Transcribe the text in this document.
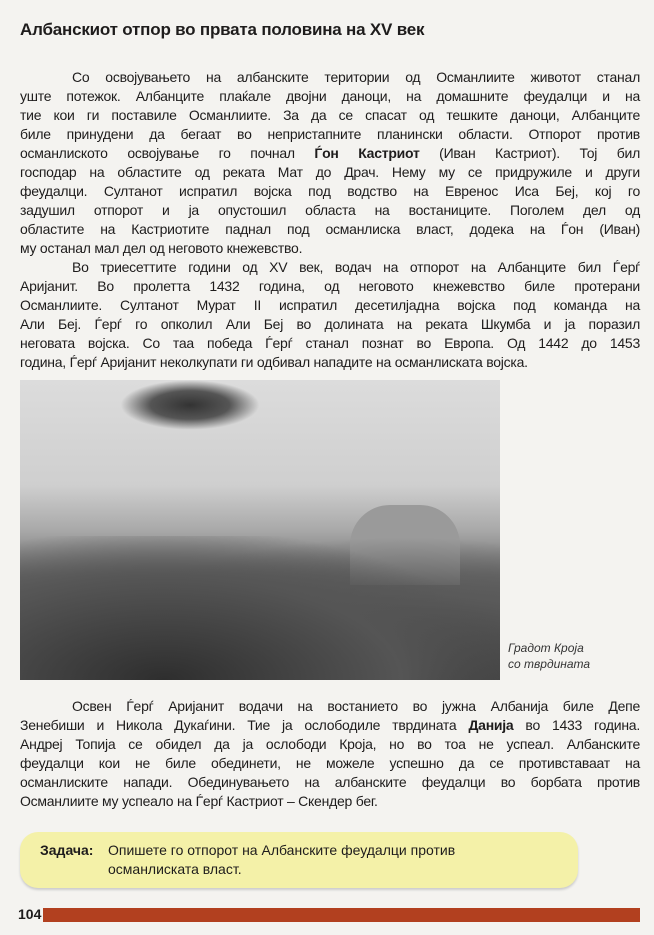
Албанскиот отпор во првата половина на XV век
Со освојувањето на албанските територии од Османлиите животот станал
уште потежок. Албанците плаќале двојни даноци, на домашните феудалци и на
тие кои ги поставиле Османлиите. За да се спасат од тешките даноци, Албанците
биле принудени да бегаат во непристапните планински области. Отпорот против
османлиското освојување го почнал Ѓон Кастриот (Иван Кастриот). Тој бил
господар на областите од реката Мат до Драч. Нему му се придружиле и други
феудалци. Султанот испратил војска под водство на Евренос Иса Беј, кој го
задушил отпорот и ја опустошил областа на востаниците. Поголем дел од
областите на Кастриотите паднал под османлиска власт, додека на Ѓон (Иван)
му останал мал дел од неговото кнежевство.
Во триесеттите години од XV век, водач на отпорот на Албанците бил Ѓерѓ
Аријанит. Во пролетта 1432 година, од неговото кнежевство биле протерани
Османлиите. Султанот Мурат II испратил десетилјадна војска под команда на
Али Беј. Ѓерѓ го опколил Али Беј во долината на реката Шкумба и ја поразил
неговата војска. Со таа победа Ѓерѓ станал познат во Европа. Од 1442 до 1453
година, Ѓерѓ Аријанит неколкупати ги одбивал нападите на османлиската војска.
Градот Кроја
со тврдината
Освен Ѓерѓ Аријанит водачи на востанието во јужна Албанија биле Депе
Зенебиши и Никола Дукаѓини. Тие ја ослободиле тврдината Данија во 1433 година.
Андреј Топија се обидел да ја ослободи Кроја, но во тоа не успеал. Албанските
феудалци кои не биле обединети, не можеле успешно да се противставаат на
османлиските напади. Обединувањето на албанските феудалци во борбата против
Османлиите му успеало на Ѓерѓ Кастриот – Скендер бег.
Задача: Опишете го отпорот на Албанските феудалци против
османлиската власт.
104
